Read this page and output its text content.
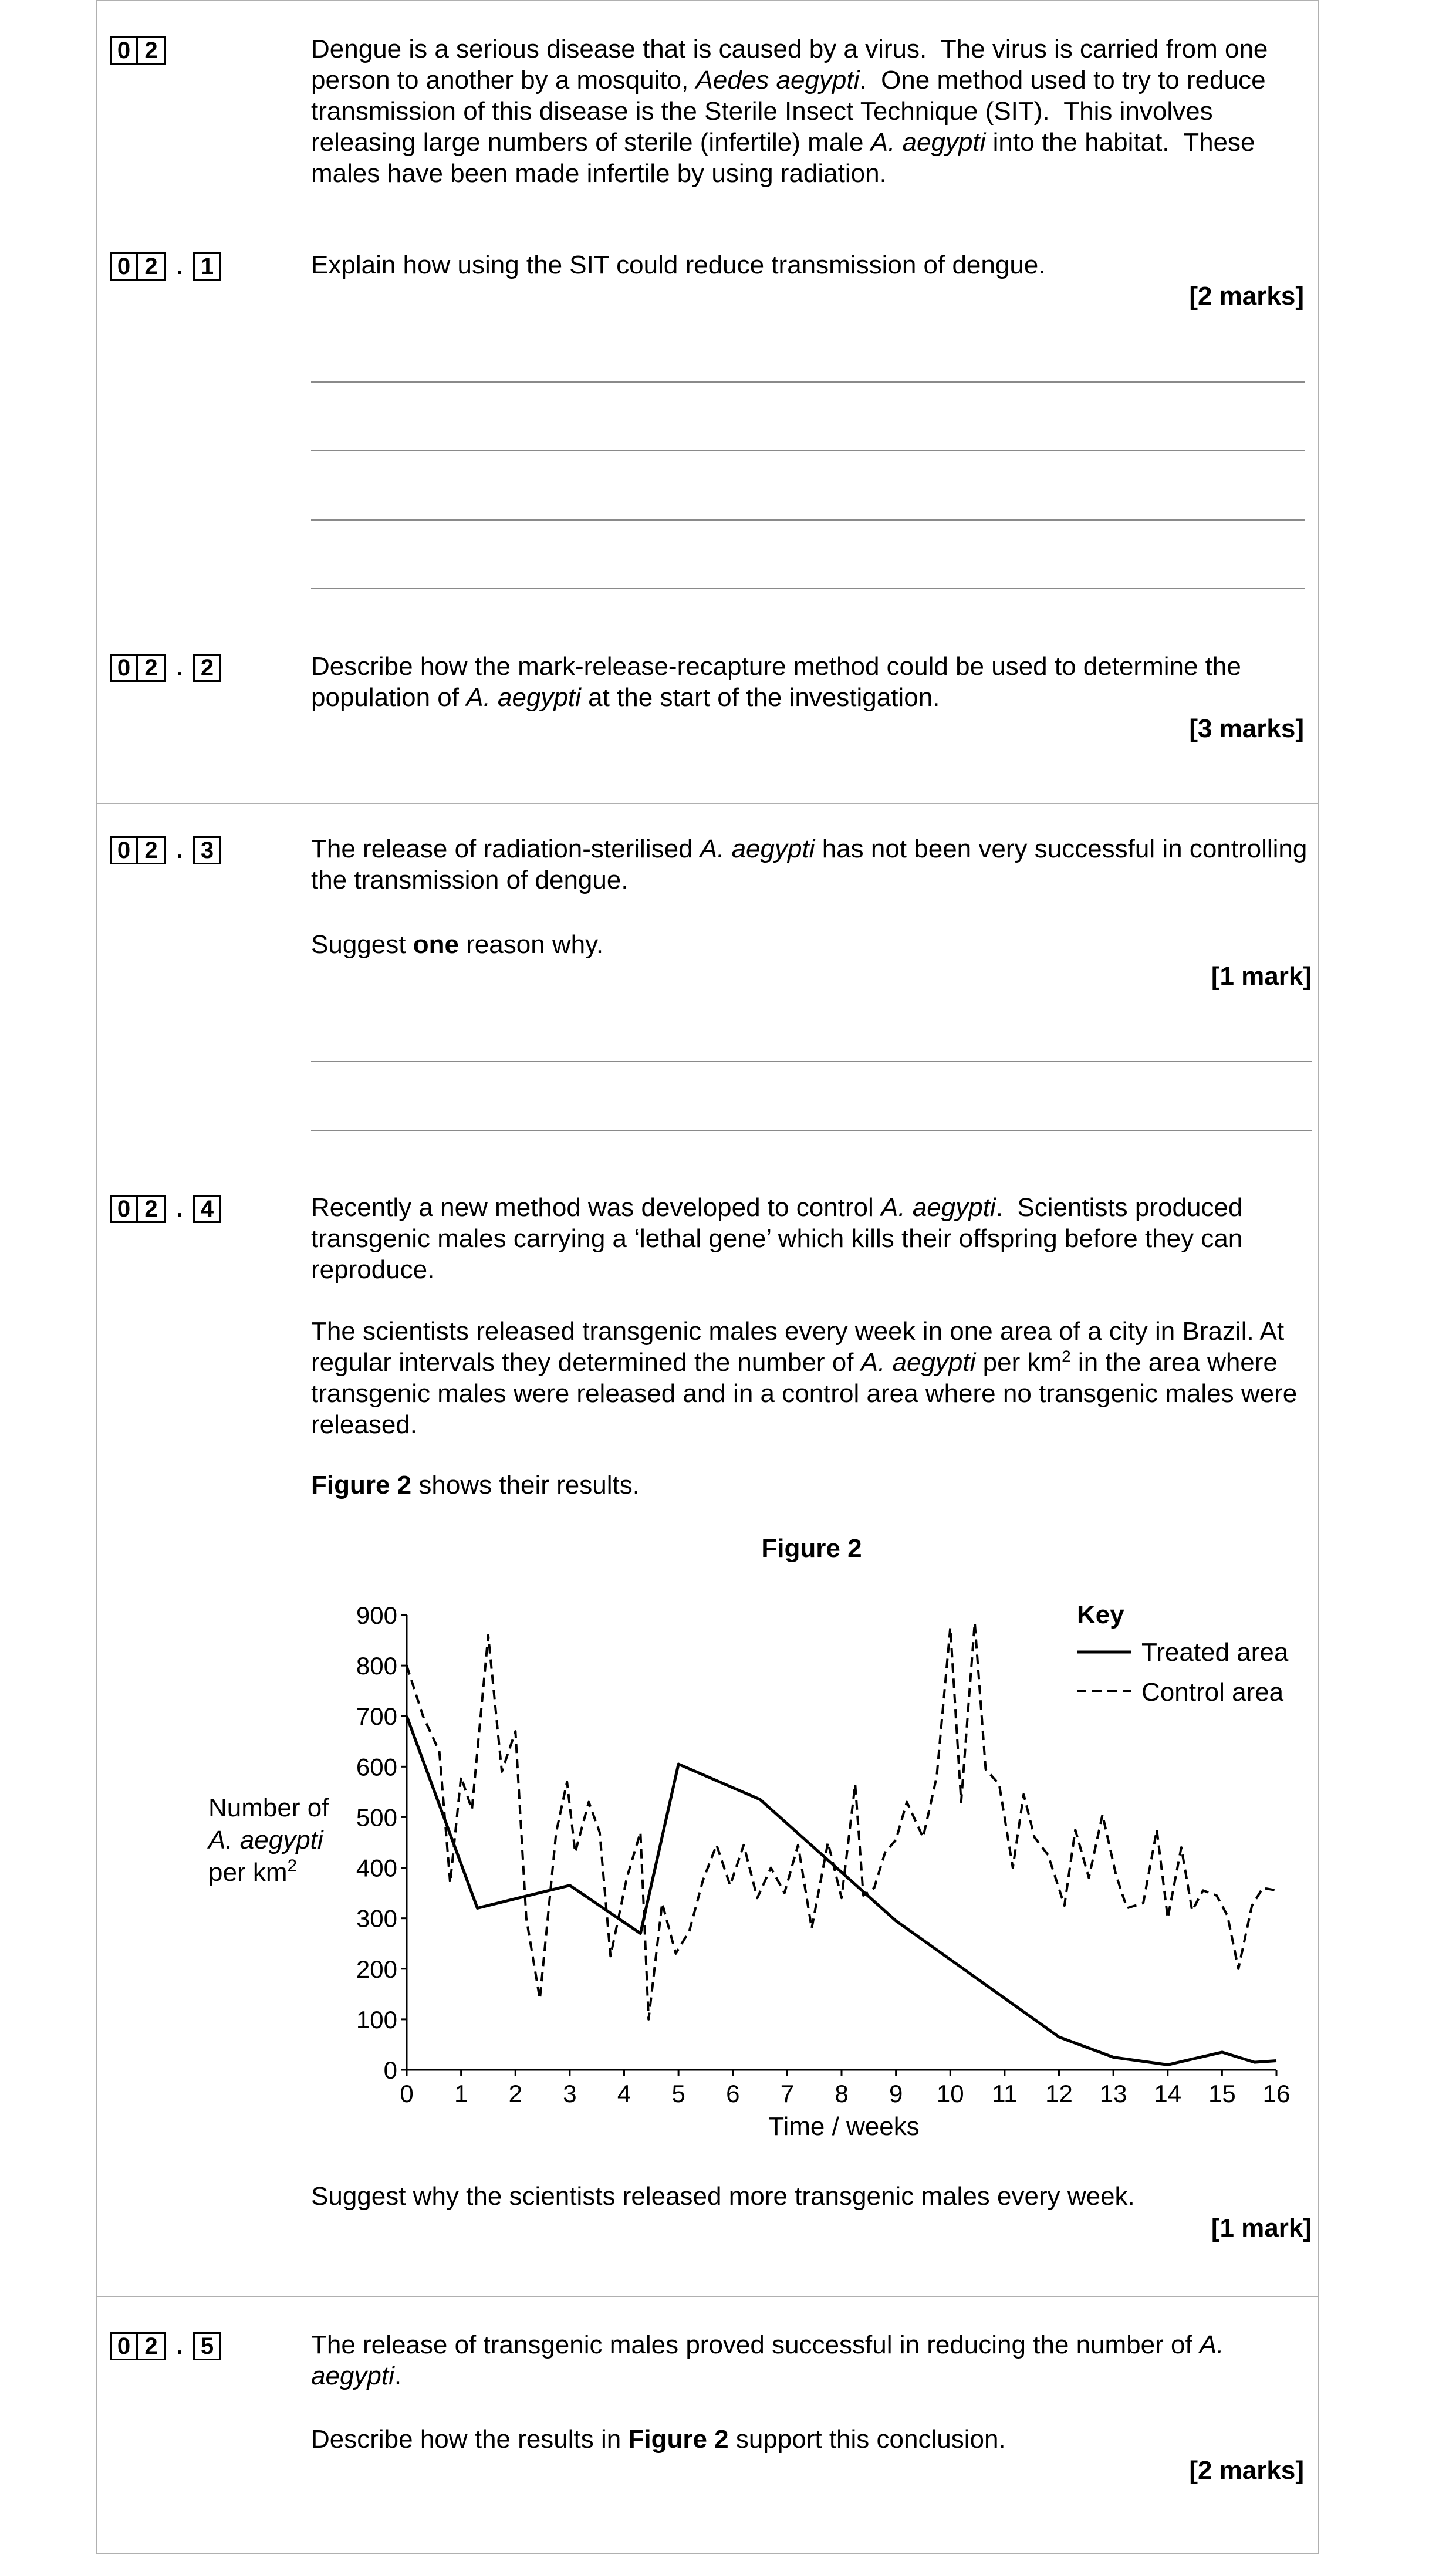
0 2	Dengue is a serious disease that is caused by a virus.  The virus is carried from one person to another by a mosquito, Aedes aegypti.  One method used to try to reduce transmission of this disease is the Sterile Insect Technique (SIT).  This involves releasing large numbers of sterile (infertile) male A. aegypti into the habitat.  These males have been made infertile by using radiation.

0 2 . 1	Explain how using the SIT could reduce transmission of dengue.

[2 marks]

0 2 . 2	Describe how the mark-release-recapture method could be used to determine the population of A. aegypti at the start of the investigation.

[3 marks]

0 2 . 3	The release of radiation-sterilised A. aegypti has not been very successful in controlling the transmission of dengue.

Suggest one reason why.

[1 mark]

0 2 . 4	Recently a new method was developed to control A. aegypti.  Scientists produced transgenic males carrying a ‘lethal gene’ which kills their offspring before they can reproduce.

The scientists released transgenic males every week in one area of a city in Brazil. At regular intervals they determined the number of A. aegypti per $km^2$ in the area where transgenic males were released and in a control area where no transgenic males were released.

Figure 2 shows their results.

Figure 2
0
100
200
300
400
500
600
700
800
900
0 1 2 3 4 5 6 7 8 9 10 11 12 13 14 15 16
Number of
A. aegypti
per $km^2$
Time / weeks
Key
Treated area
Control area

Suggest why the scientists released more transgenic males every week.

[1 mark]

0 2 . 5	The release of transgenic males proved successful in reducing the number of A. aegypti.

Describe how the results in Figure 2 support this conclusion.

[2 marks]
